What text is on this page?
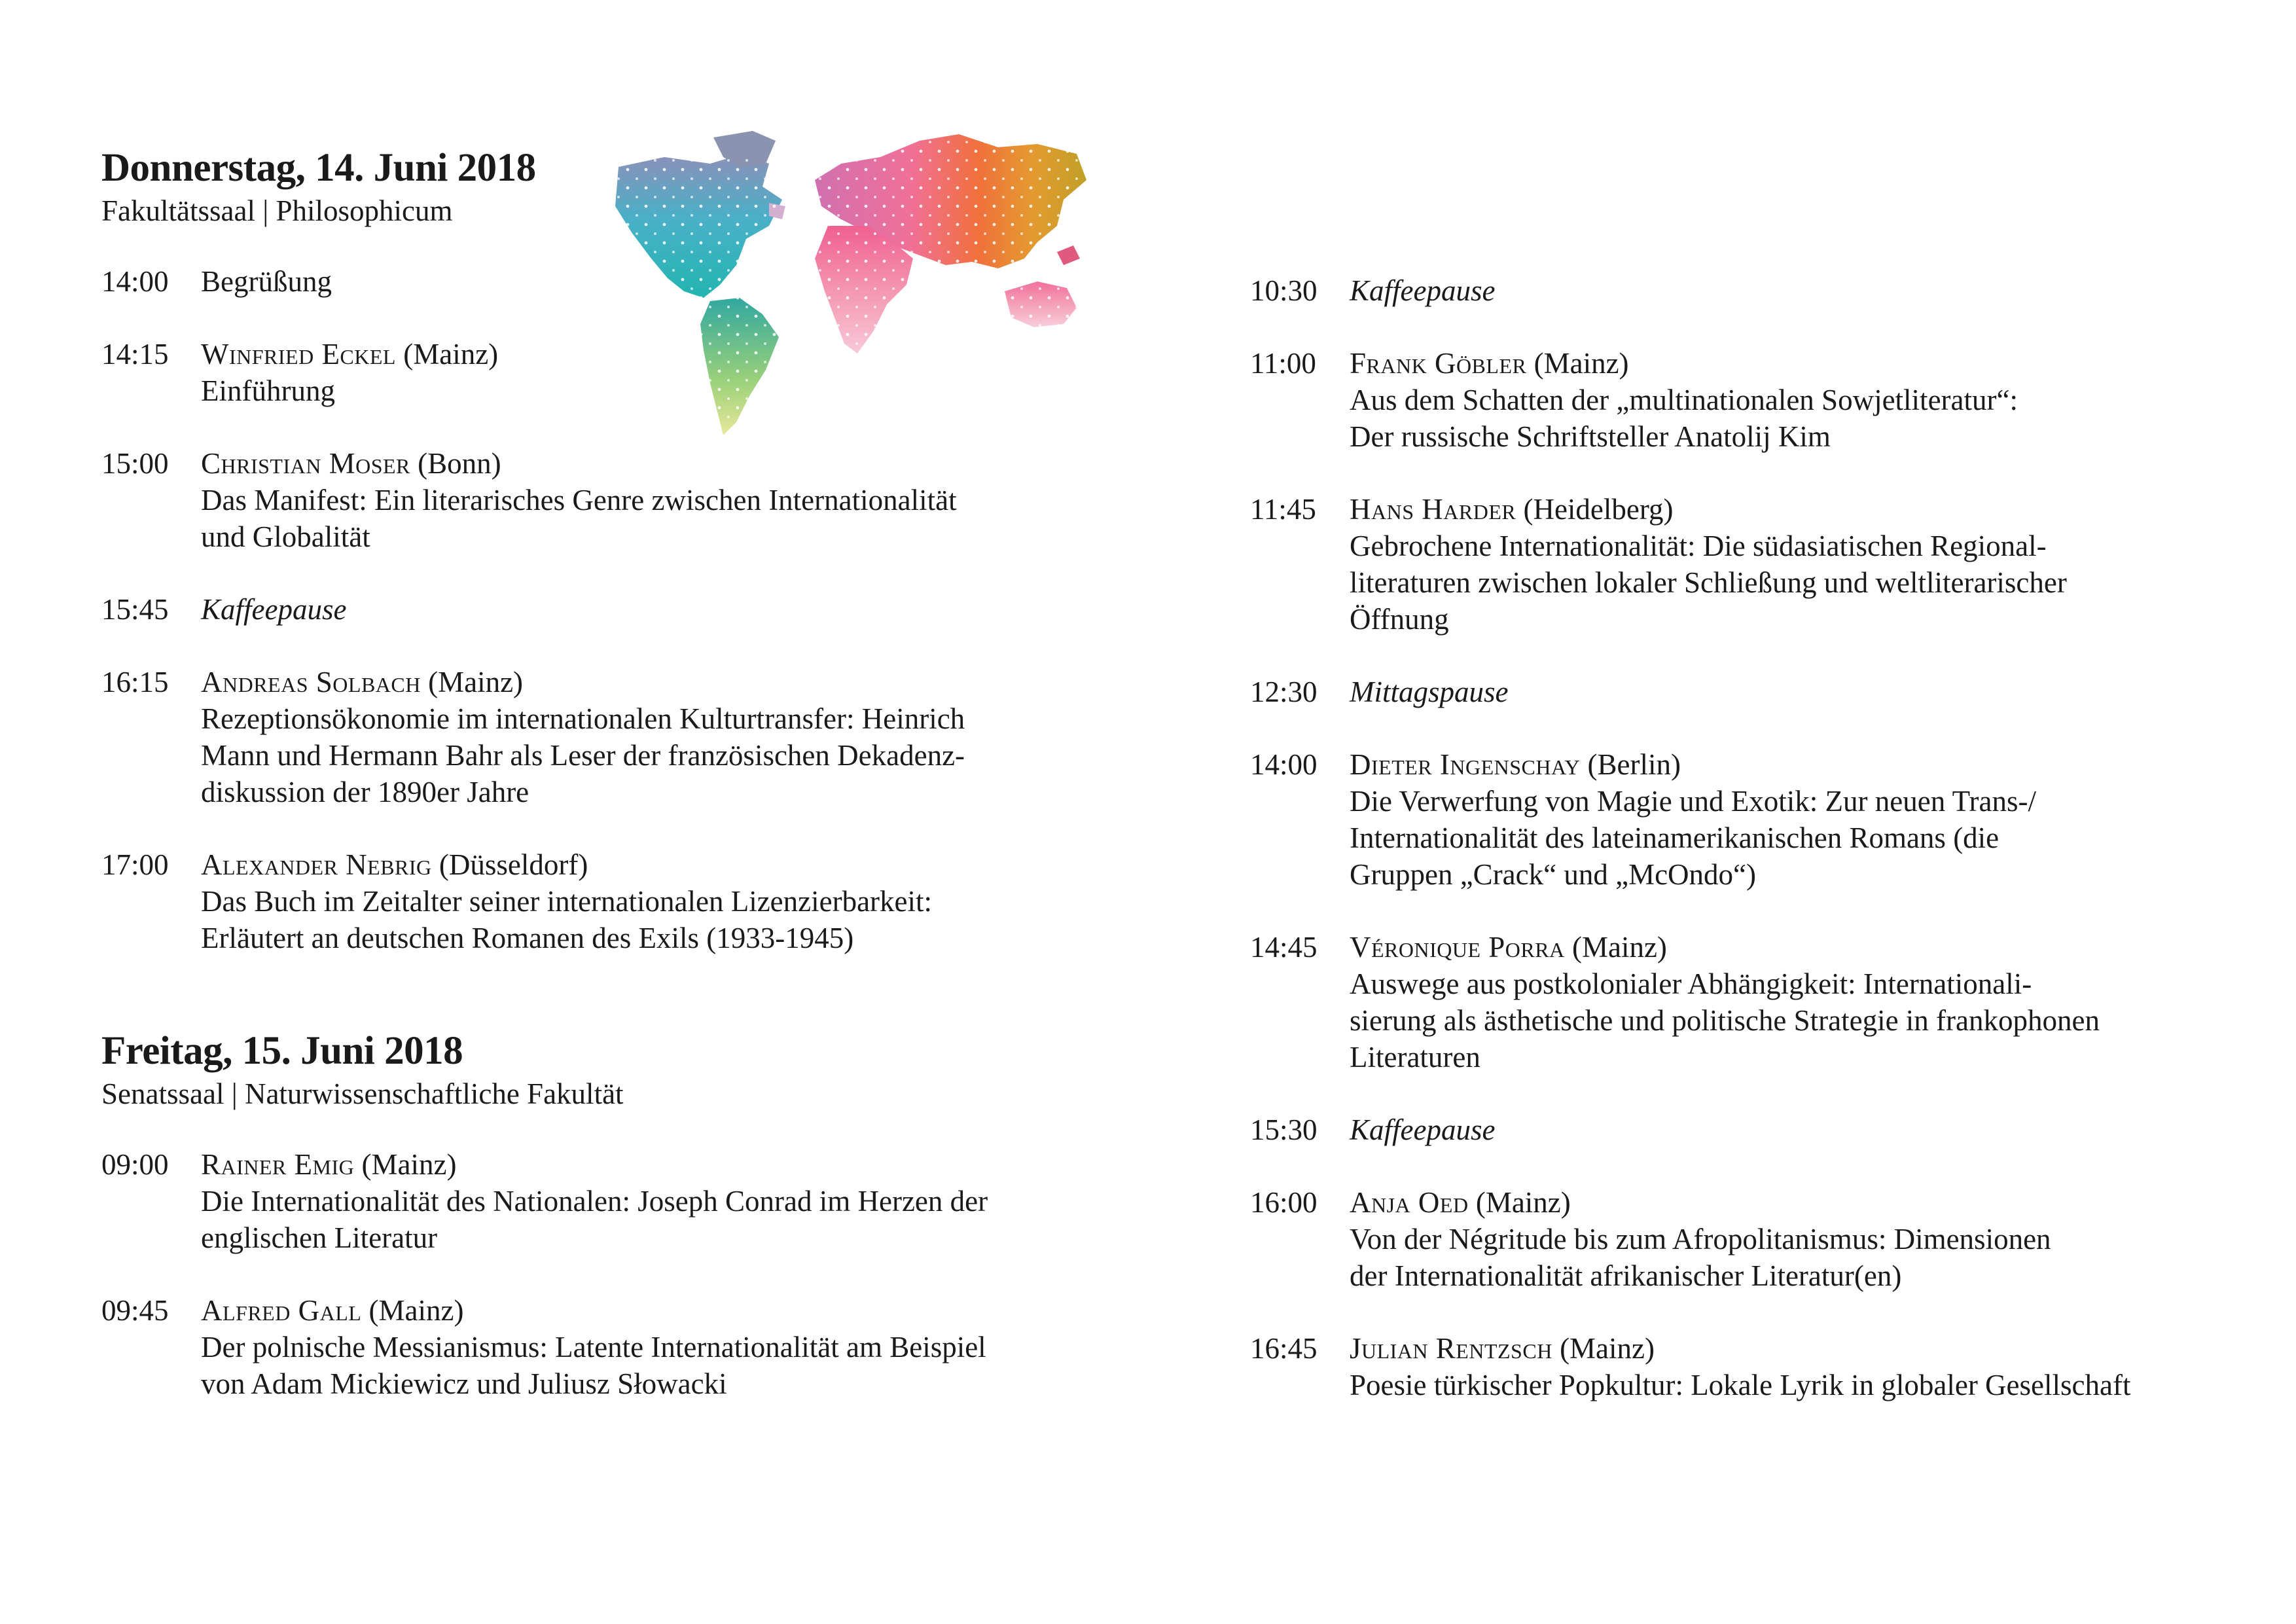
Donnerstag, 14. Juni 2018

Fakultätssaal | Philosophicum

14:00	Begrüßung
14:15	Winfried Eckel (Mainz)
Einführung
15:00	Christian Moser (Bonn)
Das Manifest: Ein literarisches Genre zwischen Internationalität
und Globalität
15:45	Kaffeepause
16:15	Andreas Solbach (Mainz)
Rezeptionsökonomie im internationalen Kulturtransfer: Heinrich
Mann und Hermann Bahr als Leser der französischen Dekadenz-
diskussion der 1890er Jahre
17:00	Alexander Nebrig (Düsseldorf)
Das Buch im Zeitalter seiner internationalen Lizenzierbarkeit:
Erläutert an deutschen Romanen des Exils (1933-1945)
Freitag, 15. Juni 2018

Senatssaal | Naturwissenschaftliche Fakultät

09:00	Rainer Emig (Mainz)
Die Internationalität des Nationalen: Joseph Conrad im Herzen der
englischen Literatur
09:45	Alfred Gall (Mainz)
Der polnische Messianismus: Latente Internationalität am Beispiel
von Adam Mickiewicz und Juliusz Słowacki
10:30	Kaffeepause
11:00	Frank Göbler (Mainz)
Aus dem Schatten der „multinationalen Sowjetliteratur“:
Der russische Schriftsteller Anatolij Kim
11:45	Hans Harder (Heidelberg)
Gebrochene Internationalität: Die südasiatischen Regional-
literaturen zwischen lokaler Schließung und weltliterarischer
Öffnung
12:30	Mittagspause
14:00	Dieter Ingenschay (Berlin)
Die Verwerfung von Magie und Exotik: Zur neuen Trans-/
Internationalität des lateinamerikanischen Romans (die
Gruppen „Crack“ und „McOndo“)
14:45	Véronique Porra (Mainz)
Auswege aus postkolonialer Abhängigkeit: Internationali-
sierung als ästhetische und politische Strategie in frankophonen
Literaturen
15:30	Kaffeepause
16:00	Anja Oed (Mainz)
Von der Négritude bis zum Afropolitanismus: Dimensionen
der Internationalität afrikanischer Literatur(en)
16:45	Julian Rentzsch (Mainz)
Poesie türkischer Popkultur: Lokale Lyrik in globaler Gesellschaft
